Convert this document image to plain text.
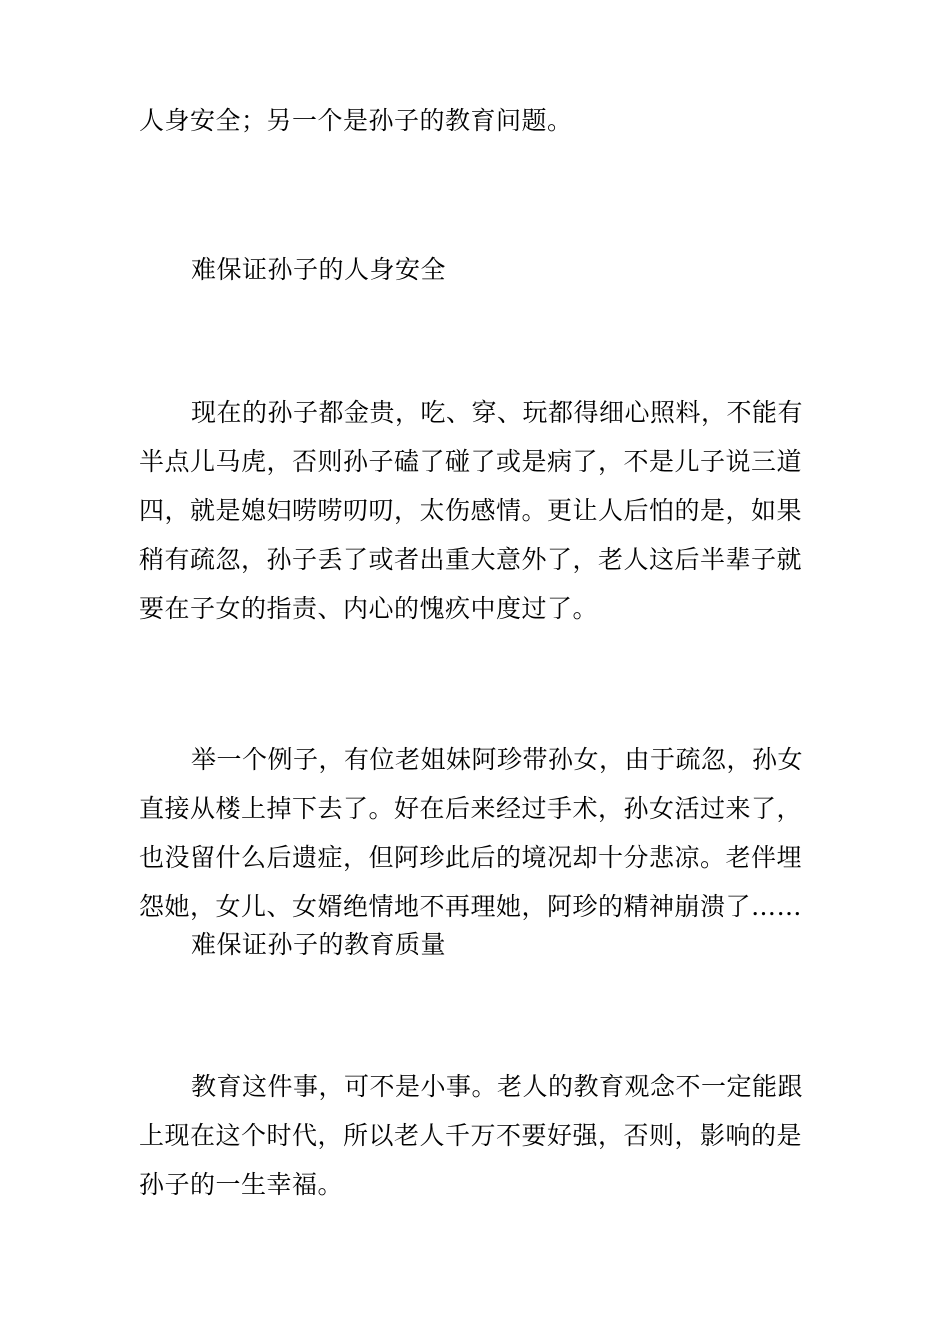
人身安全；另一个是孙子的教育问题。
难保证孙子的人身安全
现在的孙子都金贵，吃、穿、玩都得细心照料，不能有
半点儿马虎，否则孙子磕了碰了或是病了，不是儿子说三道
四，就是媳妇唠唠叨叨，太伤感情。更让人后怕的是，如果
稍有疏忽，孙子丢了或者出重大意外了，老人这后半辈子就
要在子女的指责、内心的愧疚中度过了。
举一个例子，有位老姐妹阿珍带孙女，由于疏忽，孙女
直接从楼上掉下去了。好在后来经过手术，孙女活过来了，
也没留什么后遗症，但阿珍此后的境况却十分悲凉。老伴埋
怨她，女儿、女婿绝情地不再理她，阿珍的精神崩溃了……
难保证孙子的教育质量
教育这件事，可不是小事。老人的教育观念不一定能跟
上现在这个时代，所以老人千万不要好强，否则，影响的是
孙子的一生幸福。
